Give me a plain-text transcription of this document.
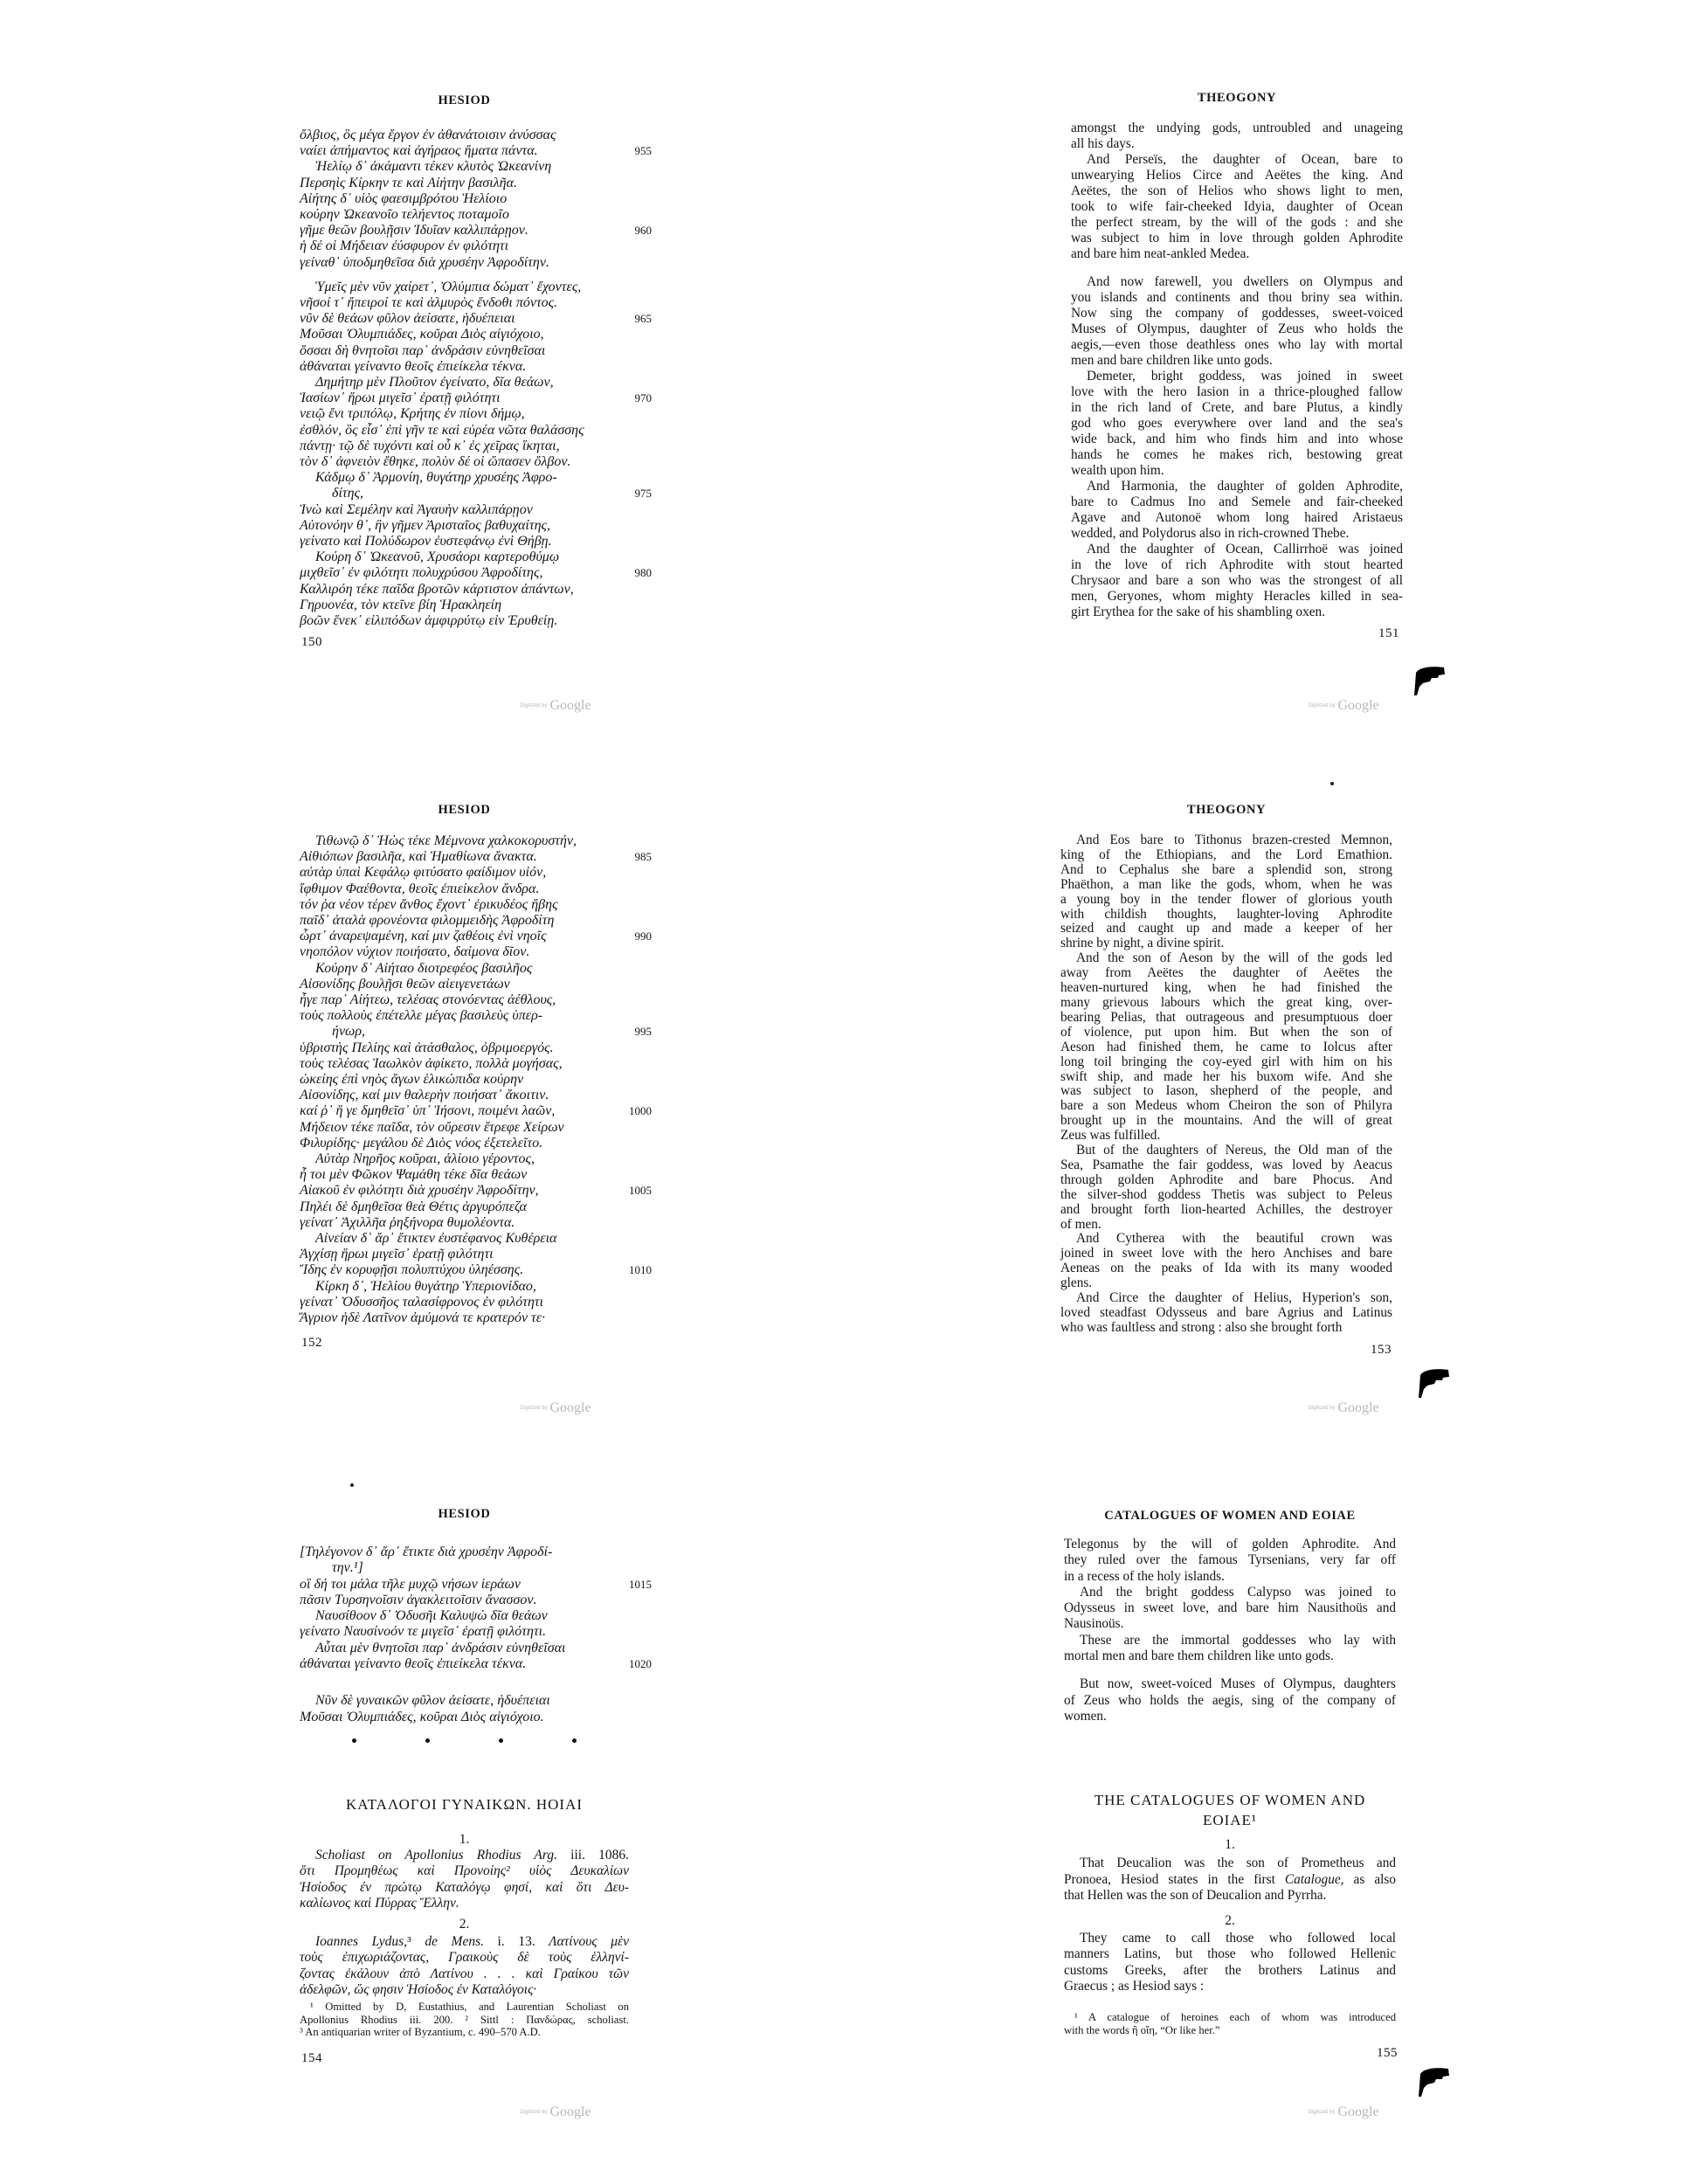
HESIOD
ὄλβιος, ὃς μέγα ἔργον ἐν ἀθανάτοισιν ἀνύσσας
ναίει ἀπήμαντος καὶ ἀγήραος ἤματα πάντα.	955
Ἠελίῳ δ᾽ ἀκάμαντι τέκεν κλυτὸς Ὠκεανίνη
Περσηὶς Κίρκην τε καὶ Αἰήτην βασιλῆα.
Αἰήτης δ᾽ υἱὸς φαεσιμβρότου Ἠελίοιο
κούρην Ὠκεανοῖο τελήεντος ποταμοῖο
γῆμε θεῶν βουλῇσιν Ἰδυῖαν καλλιπάρῃον.	960
ἡ δέ οἱ Μήδειαν ἐύσφυρον ἐν φιλότητι
γείναθ᾽ ὑποδμηθεῖσα διὰ χρυσέην Ἀφροδίτην.
Ὑμεῖς μὲν νῦν χαίρετ᾽, Ὀλύμπια δώματ᾽ ἔχοντες,
νῆσοί τ᾽ ἤπειροί τε καὶ ἁλμυρὸς ἔνδοθι πόντος.
νῦν δὲ θεάων φῦλον ἀείσατε, ἡδυέπειαι	965
Μοῦσαι Ὀλυμπιάδες, κοῦραι Διὸς αἰγιόχοιο,
ὅσσαι δὴ θνητοῖσι παρ᾽ ἀνδράσιν εὐνηθεῖσαι
ἀθάναται γείναντο θεοῖς ἐπιείκελα τέκνα.
Δημήτηρ μὲν Πλοῦτον ἐγείνατο, δῖα θεάων,
Ἰασίων᾽ ἥρωι μιγεῖσ᾽ ἐρατῇ φιλότητι	970
νειῷ ἔνι τριπόλῳ, Κρήτης ἐν πίονι δήμῳ,
ἐσθλόν, ὃς εἶσ᾽ ἐπὶ γῆν τε καὶ εὐρέα νῶτα θαλάσσης
πάντῃ· τῷ δὲ τυχόντι καὶ οὗ κ᾽ ἐς χεῖρας ἵκηται,
τὸν δ᾽ ἀφνειὸν ἔθηκε, πολὺν δέ οἱ ὤπασεν ὄλβον.
Κάδμῳ δ᾽ Ἁρμονίη, θυγάτηρ χρυσέης Ἀφρο-
δίτης,	975
Ἰνὼ καὶ Σεμέλην καὶ Ἀγαυὴν καλλιπάρῃον
Αὐτονόην θ᾽, ἣν γῆμεν Ἀρισταῖος βαθυχαίτης,
γείνατο καὶ Πολύδωρον ἐυστεφάνῳ ἐνὶ Θήβῃ.
Κούρη δ᾽ Ὠκεανοῦ, Χρυσάορι καρτεροθύμῳ
μιχθεῖσ᾽ ἐν φιλότητι πολυχρύσου Ἀφροδίτης,	980
Καλλιρόη τέκε παῖδα βροτῶν κάρτιστον ἁπάντων,
Γηρυονέα, τὸν κτεῖνε βίη Ἡρακληείη
βοῶν ἕνεκ᾽ εἰλιπόδων ἀμφιρρύτῳ εἰν Ἐρυθείῃ.
150
THEOGONY
amongst the undying gods, untroubled and unageing
all his days.
And Perseïs, the daughter of Ocean, bare to
unwearying Helios Circe and Aeëtes the king. And
Aeëtes, the son of Helios who shows light to men,
took to wife fair-cheeked Idyia, daughter of Ocean
the perfect stream, by the will of the gods : and she
was subject to him in love through golden Aphrodite
and bare him neat-ankled Medea.
And now farewell, you dwellers on Olympus and
you islands and continents and thou briny sea within.
Now sing the company of goddesses, sweet-voiced
Muses of Olympus, daughter of Zeus who holds the
aegis,—even those deathless ones who lay with mortal
men and bare children like unto gods.
Demeter, bright goddess, was joined in sweet
love with the hero Iasion in a thrice-ploughed fallow
in the rich land of Crete, and bare Plutus, a kindly
god who goes everywhere over land and the sea's
wide back, and him who finds him and into whose
hands he comes he makes rich, bestowing great
wealth upon him.
And Harmonia, the daughter of golden Aphrodite,
bare to Cadmus Ino and Semele and fair-cheeked
Agave and Autonoë whom long haired Aristaeus
wedded, and Polydorus also in rich-crowned Thebe.
And the daughter of Ocean, Callirrhoë was joined
in the love of rich Aphrodite with stout hearted
Chrysaor and bare a son who was the strongest of all
men, Geryones, whom mighty Heracles killed in sea-
girt Erythea for the sake of his shambling oxen.
151
HESIOD
Τιθωνῷ δ᾽ Ἠὼς τέκε Μέμνονα χαλκοκορυστήν,
Αἰθιόπων βασιλῆα, καὶ Ἠμαθίωνα ἄνακτα.	985
αὐτὰρ ὑπαὶ Κεφάλῳ φιτύσατο φαίδιμον υἱόν,
ἴφθιμον Φαέθοντα, θεοῖς ἐπιείκελον ἄνδρα.
τόν ῥα νέον τέρεν ἄνθος ἔχοντ᾽ ἐρικυδέος ἥβης
παῖδ᾽ ἀταλὰ φρονέοντα φιλομμειδὴς Ἀφροδίτη
ὦρτ᾽ ἀναρεψαμένη, καί μιν ζαθέοις ἐνὶ νηοῖς	990
νηοπόλον νύχιον ποιήσατο, δαίμονα δῖον.
Κούρην δ᾽ Αἰήταο διοτρεφέος βασιλῆος
Αἰσονίδης βουλῇσι θεῶν αἰειγενετάων
ἦγε παρ᾽ Αἰήτεω, τελέσας στονόεντας ἀέθλους,
τοὺς πολλοὺς ἐπέτελλε μέγας βασιλεὺς ὑπερ-
ήνωρ,	995
ὑβριστὴς Πελίης καὶ ἀτάσθαλος, ὀβριμοεργός.
τοὺς τελέσας Ἰαωλκὸν ἀφίκετο, πολλὰ μογήσας,
ὠκείης ἐπὶ νηὸς ἄγων ἑλικώπιδα κούρην
Αἰσονίδης, καί μιν θαλερὴν ποιήσατ᾽ ἄκοιτιν.
καί ῥ᾽ ἥ γε δμηθεῖσ᾽ ὑπ᾽ Ἰήσονι, ποιμένι λαῶν,	1000
Μήδειον τέκε παῖδα, τὸν οὔρεσιν ἔτρεφε Χείρων
Φιλυρίδης· μεγάλου δὲ Διὸς νόος ἐξετελεῖτο.
Αὐτὰρ Νηρῆος κοῦραι, ἁλίοιο γέροντος,
ἦ τοι μὲν Φῶκον Ψαμάθη τέκε δῖα θεάων
Αἰακοῦ ἐν φιλότητι διὰ χρυσέην Ἀφροδίτην,	1005
Πηλέι δὲ δμηθεῖσα θεὰ Θέτις ἀργυρόπεζα
γείνατ᾽ Ἀχιλλῆα ῥηξήνορα θυμολέοντα.
Αἰνείαν δ᾽ ἄρ᾽ ἔτικτεν ἐυστέφανος Κυθέρεια
Ἀγχίσῃ ἥρωι μιγεῖσ᾽ ἐρατῇ φιλότητι
Ἴδης ἐν κορυφῇσι πολυπτύχου ὑληέσσης.	1010
Κίρκη δ᾽, Ἠελίου θυγάτηρ Ὑπεριονίδαο,
γείνατ᾽ Ὀδυσσῆος ταλασίφρονος ἐν φιλότητι
Ἄγριον ἠδὲ Λατῖνον ἀμύμονά τε κρατερόν τε·
152
THEOGONY
And Eos bare to Tithonus brazen-crested Memnon,
king of the Ethiopians, and the Lord Emathion.
And to Cephalus she bare a splendid son, strong
Phaëthon, a man like the gods, whom, when he was
a young boy in the tender flower of glorious youth
with childish thoughts, laughter-loving Aphrodite
seized and caught up and made a keeper of her
shrine by night, a divine spirit.
And the son of Aeson by the will of the gods led
away from Aeëtes the daughter of Aeëtes the
heaven-nurtured king, when he had finished the
many grievous labours which the great king, over-
bearing Pelias, that outrageous and presumptuous doer
of violence, put upon him. But when the son of
Aeson had finished them, he came to Iolcus after
long toil bringing the coy-eyed girl with him on his
swift ship, and made her his buxom wife. And she
was subject to Iason, shepherd of the people, and
bare a son Medeus whom Cheiron the son of Philyra
brought up in the mountains. And the will of great
Zeus was fulfilled.
But of the daughters of Nereus, the Old man of the
Sea, Psamathe the fair goddess, was loved by Aeacus
through golden Aphrodite and bare Phocus. And
the silver-shod goddess Thetis was subject to Peleus
and brought forth lion-hearted Achilles, the destroyer
of men.
And Cytherea with the beautiful crown was
joined in sweet love with the hero Anchises and bare
Aeneas on the peaks of Ida with its many wooded
glens.
And Circe the daughter of Helius, Hyperion's son,
loved steadfast Odysseus and bare Agrius and Latinus
who was faultless and strong : also she brought forth
153
HESIOD
[Τηλέγονον δ᾽ ἄρ᾽ ἔτικτε διὰ χρυσέην Ἀφροδί-
την.¹]
οἳ δή τοι μάλα τῆλε μυχῷ νήσων ἱεράων	1015
πᾶσιν Τυρσηνοῖσιν ἀγακλειτοῖσιν ἄνασσον.
Ναυσίθοον δ᾽ Ὀδυσῆι Καλυψὼ δῖα θεάων
γείνατο Ναυσίνοόν τε μιγεῖσ᾽ ἐρατῇ φιλότητι.
Αὗται μὲν θνητοῖσι παρ᾽ ἀνδράσιν εὐνηθεῖσαι
ἀθάναται γείναντο θεοῖς ἐπιείκελα τέκνα.	1020
Νῦν δὲ γυναικῶν φῦλον ἀείσατε, ἡδυέπειαι
Μοῦσαι Ὀλυμπιάδες, κοῦραι Διὸς αἰγιόχοιο.
ΚΑΤΑΛΟΓΟΙ ΓΥΝΑΙΚΩΝ. ΗΟΙΑΙ
1.
Scholiast on Apollonius Rhodius Arg. iii. 1086.
ὅτι Προμηθέως καὶ Προνοίης² υἱὸς Δευκαλίων
Ἡσίοδος ἐν πρώτῳ Καταλόγῳ φησί, καὶ ὅτι Δευ-
καλίωνος καὶ Πύρρας Ἕλλην.
2.
Ioannes Lydus,³ de Mens. i. 13. Λατίνους μὲν
τοὺς ἐπιχωριάζοντας, Γραικοὺς δὲ τοὺς ἑλληνί-
ζοντας ἐκάλουν ἀπὸ Λατίνου . . . καὶ Γραίκου τῶν
ἀδελφῶν, ὥς φησιν Ἡσίοδος ἐν Καταλόγοις·
¹ Omitted by D, Eustathius, and Laurentian Scholiast on
Apollonius Rhodius iii. 200. ² Sittl : Πανδώρας, scholiast.
³ An antiquarian writer of Byzantium, c. 490–570 A.D.
154
CATALOGUES OF WOMEN AND EOIAE
Telegonus by the will of golden Aphrodite. And
they ruled over the famous Tyrsenians, very far off
in a recess of the holy islands.
And the bright goddess Calypso was joined to
Odysseus in sweet love, and bare him Nausithoüs and
Nausinoüs.
These are the immortal goddesses who lay with
mortal men and bare them children like unto gods.
But now, sweet-voiced Muses of Olympus, daughters
of Zeus who holds the aegis, sing of the company of
women.
THE CATALOGUES OF WOMEN AND
EOIAE¹
1.
That Deucalion was the son of Prometheus and
Pronoea, Hesiod states in the first Catalogue, as also
that Hellen was the son of Deucalion and Pyrrha.
2.
They came to call those who followed local
manners Latins, but those who followed Hellenic
customs Greeks, after the brothers Latinus and
Graecus ; as Hesiod says :
¹ A catalogue of heroines each of whom was introduced
with the words ἢ οἵη, “Or like her.”
155
Digitized by Google	Digitized by Google
Digitized by Google	Digitized by Google
Digitized by Google	Digitized by Google
